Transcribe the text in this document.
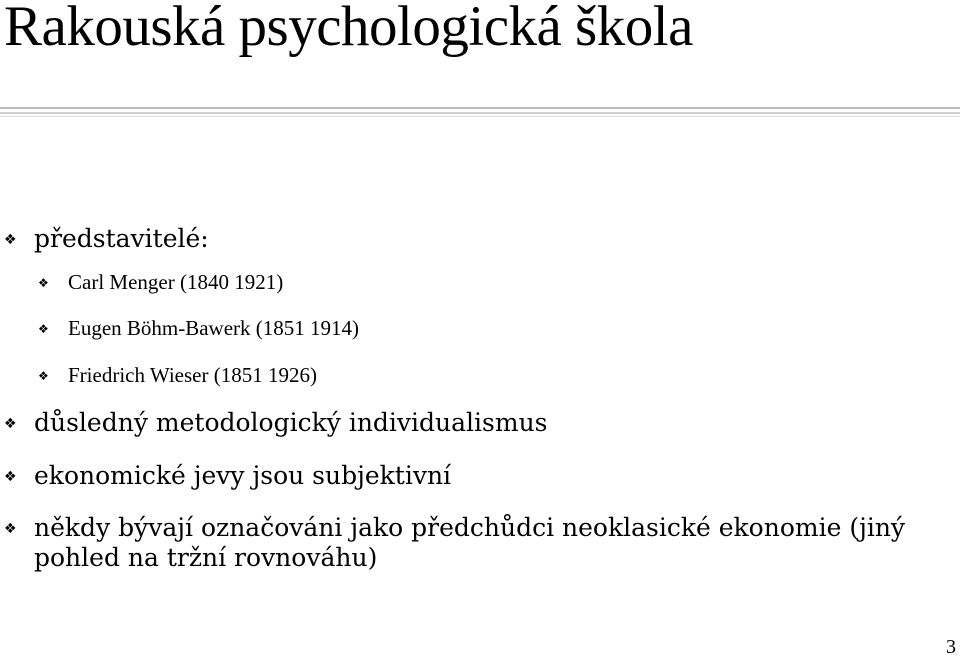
Rakouská psychologická škola
❖ představitelé:
❖ Carl Menger (1840 1921)
❖ Eugen Böhm-Bawerk (1851 1914)
❖ Friedrich Wieser (1851 1926)
❖ důsledný metodologický individualismus
❖ ekonomické jevy jsou subjektivní
❖ někdy bývají označováni jako předchůdci neoklasické ekonomie (jiný pohled na tržní rovnováhu)
3
